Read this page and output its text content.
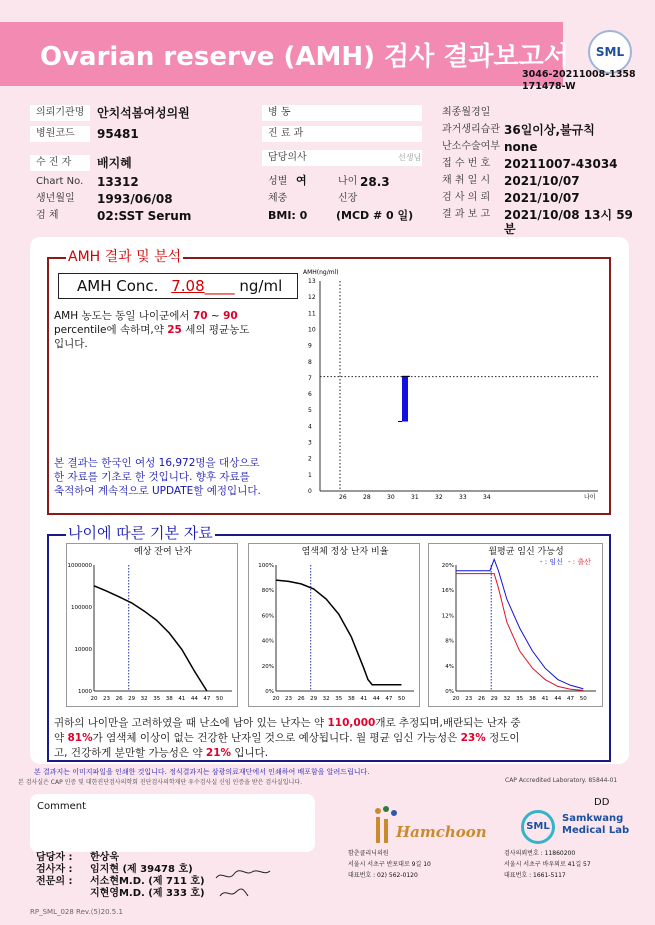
Ovarian reserve (AMH) 검사 결과보고서	SML
3046-20211008-1358
171478-W
의뢰기관명	안치석봄여성의원
병원코드	95481
수 진 자	배지혜
Chart No. 13312
생년월일 1993/06/08
검 체	02:SST Serum
병 동
진 료 과
담당의사	선생님
성별 여	나이 28.3
체중	신장
BMI: 0	(MCD # 0 일)
최종월경일
과거생리습관 36일이상,불규칙
난소수술여부 none
접 수 번 호 20211007-43034
채 취 일 시 2021/10/07
검 사 의 뢰 2021/10/07
결 과 보 고 2021/10/08 13시 59
분
AMH 결과 및 분석
AMH Conc. 7.08____ ng/ml
AMH 농도는 동일 나이군에서 70 ~ 90
percentile에 속하며,약 25 세의 평균농도
입니다.
본 결과는 한국인 여성 16,972명을 대상으로
한 자료를 기초로 한 것입니다. 향후 자료를
축적하여 계속적으로 UPDATE할 예정입니다.
AMH(ng/ml)
0
1
2
3
4
5
6
7
8
9
10
11
12
13
26	28	30	31	32	33	34	나이
나이에 따른 기본 자료
예상 잔여 난자
1000
10000
100000
1000000
20 23 26 29 32 35 38 41 44 47 50
염색체 정상 난자 비율
0%
20%
40%
60%
80%
100%
20 23 26 29 32 35 38 41 44 47 50
월평균 임신 가능성
0%
4%
8%
12%
16%
20%
20 23 26 29 32 35 38 41 44 47 50
- : 임신 - : 출산
귀하의 나이만을 고려하였을 때 난소에 남아 있는 난자는 약 110,000개로 추정되며,배란되는 난자 중
약 81%가 염색체 이상이 없는 건강한 난자일 것으로 예상됩니다. 월 평균 임신 가능성은 23% 정도이
고, 건강하게 분만할 가능성은 약 21% 입니다.
본 결과지는 이미지파일을 인쇄한 것입니다. 정식결과지는 삼광의료재단에서 인쇄하여 배포함을 알려드립니다.
본 검사실은 CAP 인증 및 대한진단검사의학회 진단검사의학재단 우수검사실 신임 인증을 받은 검사실입니다.	CAP Accredited Laboratory. 85844-01
Comment	DD
담당자 :	한상욱
검사자 :	임지현 (제 39478 호)
전문의 :	서소현M.D. (제 711 호)
지현영M.D. (제 333 호)
Hamchoon
함춘클리닉의원
서울시 서초구 반포대로 9길 10
대표번호 : 02) 562-0120
SML
Samkwang
Medical Lab
검사의뢰번호 : 11860200
서울시 서초구 바우뫼로 41길 57
대표번호 : 1661-5117
RP_SML_028 Rev.(5)20.5.1
